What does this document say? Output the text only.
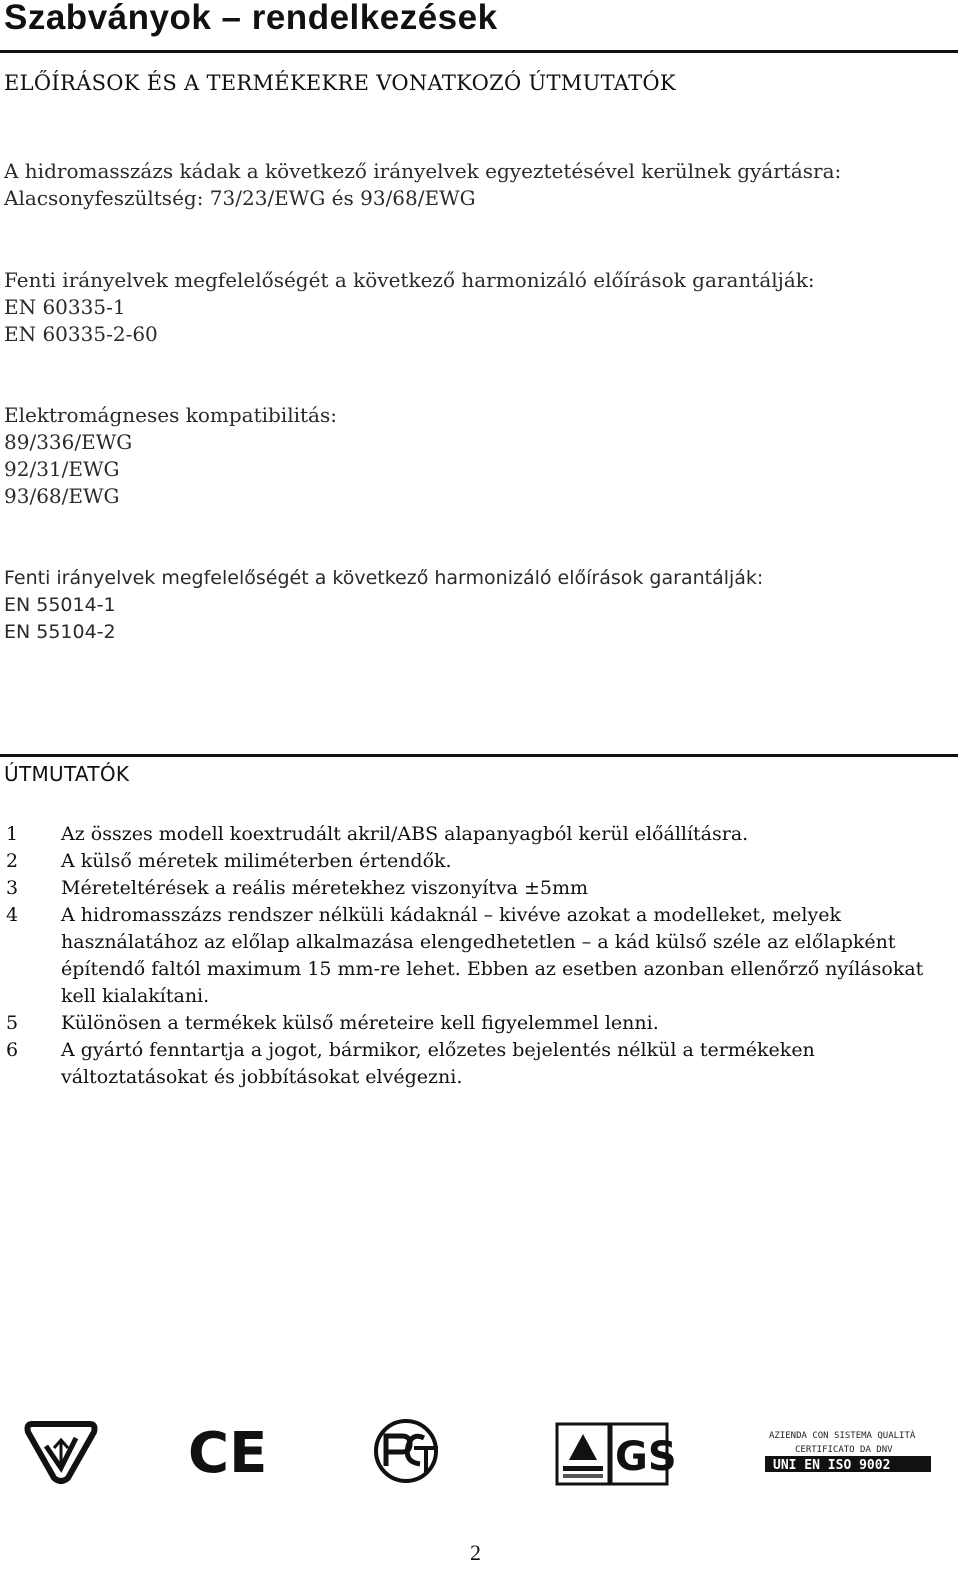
Szabványok – rendelkezések
ELŐÍRÁSOK ÉS A TERMÉKEKRE VONATKOZÓ ÚTMUTATÓK
A hidromasszázs kádak a következő irányelvek egyeztetésével kerülnek gyártásra:
Alacsonyfeszültség: 73/23/EWG és 93/68/EWG
Fenti irányelvek megfelelőségét a következő harmonizáló előírások garantálják:
EN 60335-1
EN 60335-2-60
Elektromágneses kompatibilitás:
89/336/EWG
92/31/EWG
93/68/EWG
Fenti irányelvek megfelelőségét a következő harmonizáló előírások garantálják:
EN 55014-1
EN 55104-2
ÚTMUTATÓK
1	Az összes modell koextrudált akril/ABS alapanyagból kerül előállításra.
2	A külső méretek miliméterben értendők.
3	Méreteltérések a reális méretekhez viszonyítva ±5mm
4	A hidromasszázs rendszer nélküli kádaknál – kivéve azokat a modelleket, melyek használatához az előlap alkalmazása elengedhetetlen – a kád külső széle az előlapként építendő faltól maximum 15 mm-re lehet. Ebben az esetben azonban ellenőrző nyílásokat kell kialakítani.
5	Különösen a termékek külső méreteire kell figyelemmel lenni.
6	A gyártó fenntartja a jogot, bármikor, előzetes bejelentés nélkül a termékeken változtatásokat és jobbításokat elvégezni.
CE	GS	AZIENDA CON SISTEMA QUALITÀ
CERTIFICATO DA DNV
UNI EN ISO 9002
2
